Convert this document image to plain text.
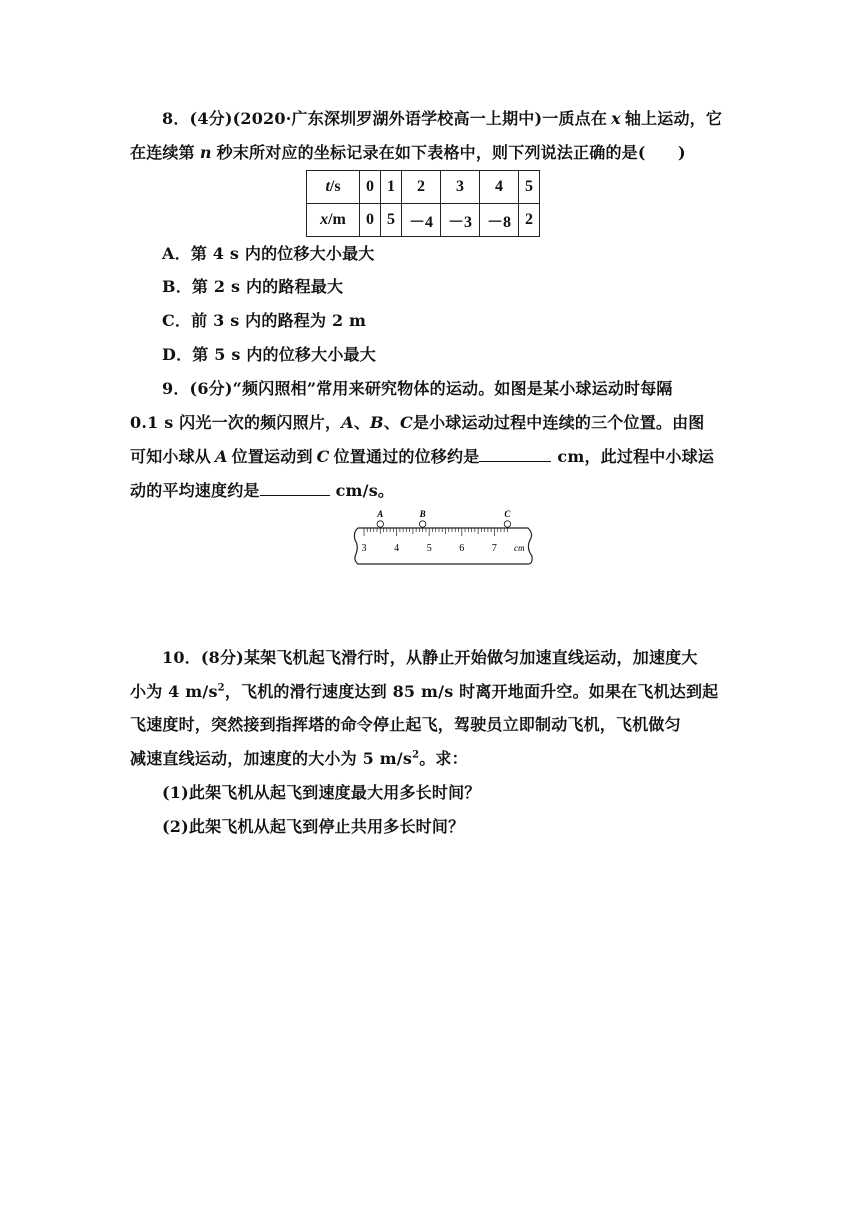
8．(4分)(2020·广东深圳罗湖外语学校高一上期中)一质点在 x 轴上运动，它
在连续第 n 秒末所对应的坐标记录在如下表格中，则下列说法正确的是(　　)
t/s	0	1	2	3	4	5
x/m	0	5	－4	－3	－8	2
A．第 4 s 内的位移大小最大
B．第 2 s 内的路程最大
C．前 3 s 内的路程为 2 m
D．第 5 s 内的位移大小最大
9．(6分)“频闪照相”常用来研究物体的运动。如图是某小球运动时每隔
0.1 s 闪光一次的频闪照片，A、B、C是小球运动过程中连续的三个位置。由图
可知小球从 A 位置运动到 C 位置通过的位移约是	cm，此过程中小球运
动的平均速度约是	cm/s。
A	B	C
3	4	5	6	7 cm
10．(8分)某架飞机起飞滑行时，从静止开始做匀加速直线运动，加速度大
小为 4 $m/s^2$，飞机的滑行速度达到 85 m/s 时离开地面升空。如果在飞机达到起
飞速度时，突然接到指挥塔的命令停止起飞，驾驶员立即制动飞机，飞机做匀
减速直线运动，加速度的大小为 5 $m/s^2$。求：
(1)此架飞机从起飞到速度最大用多长时间？
(2)此架飞机从起飞到停止共用多长时间？
